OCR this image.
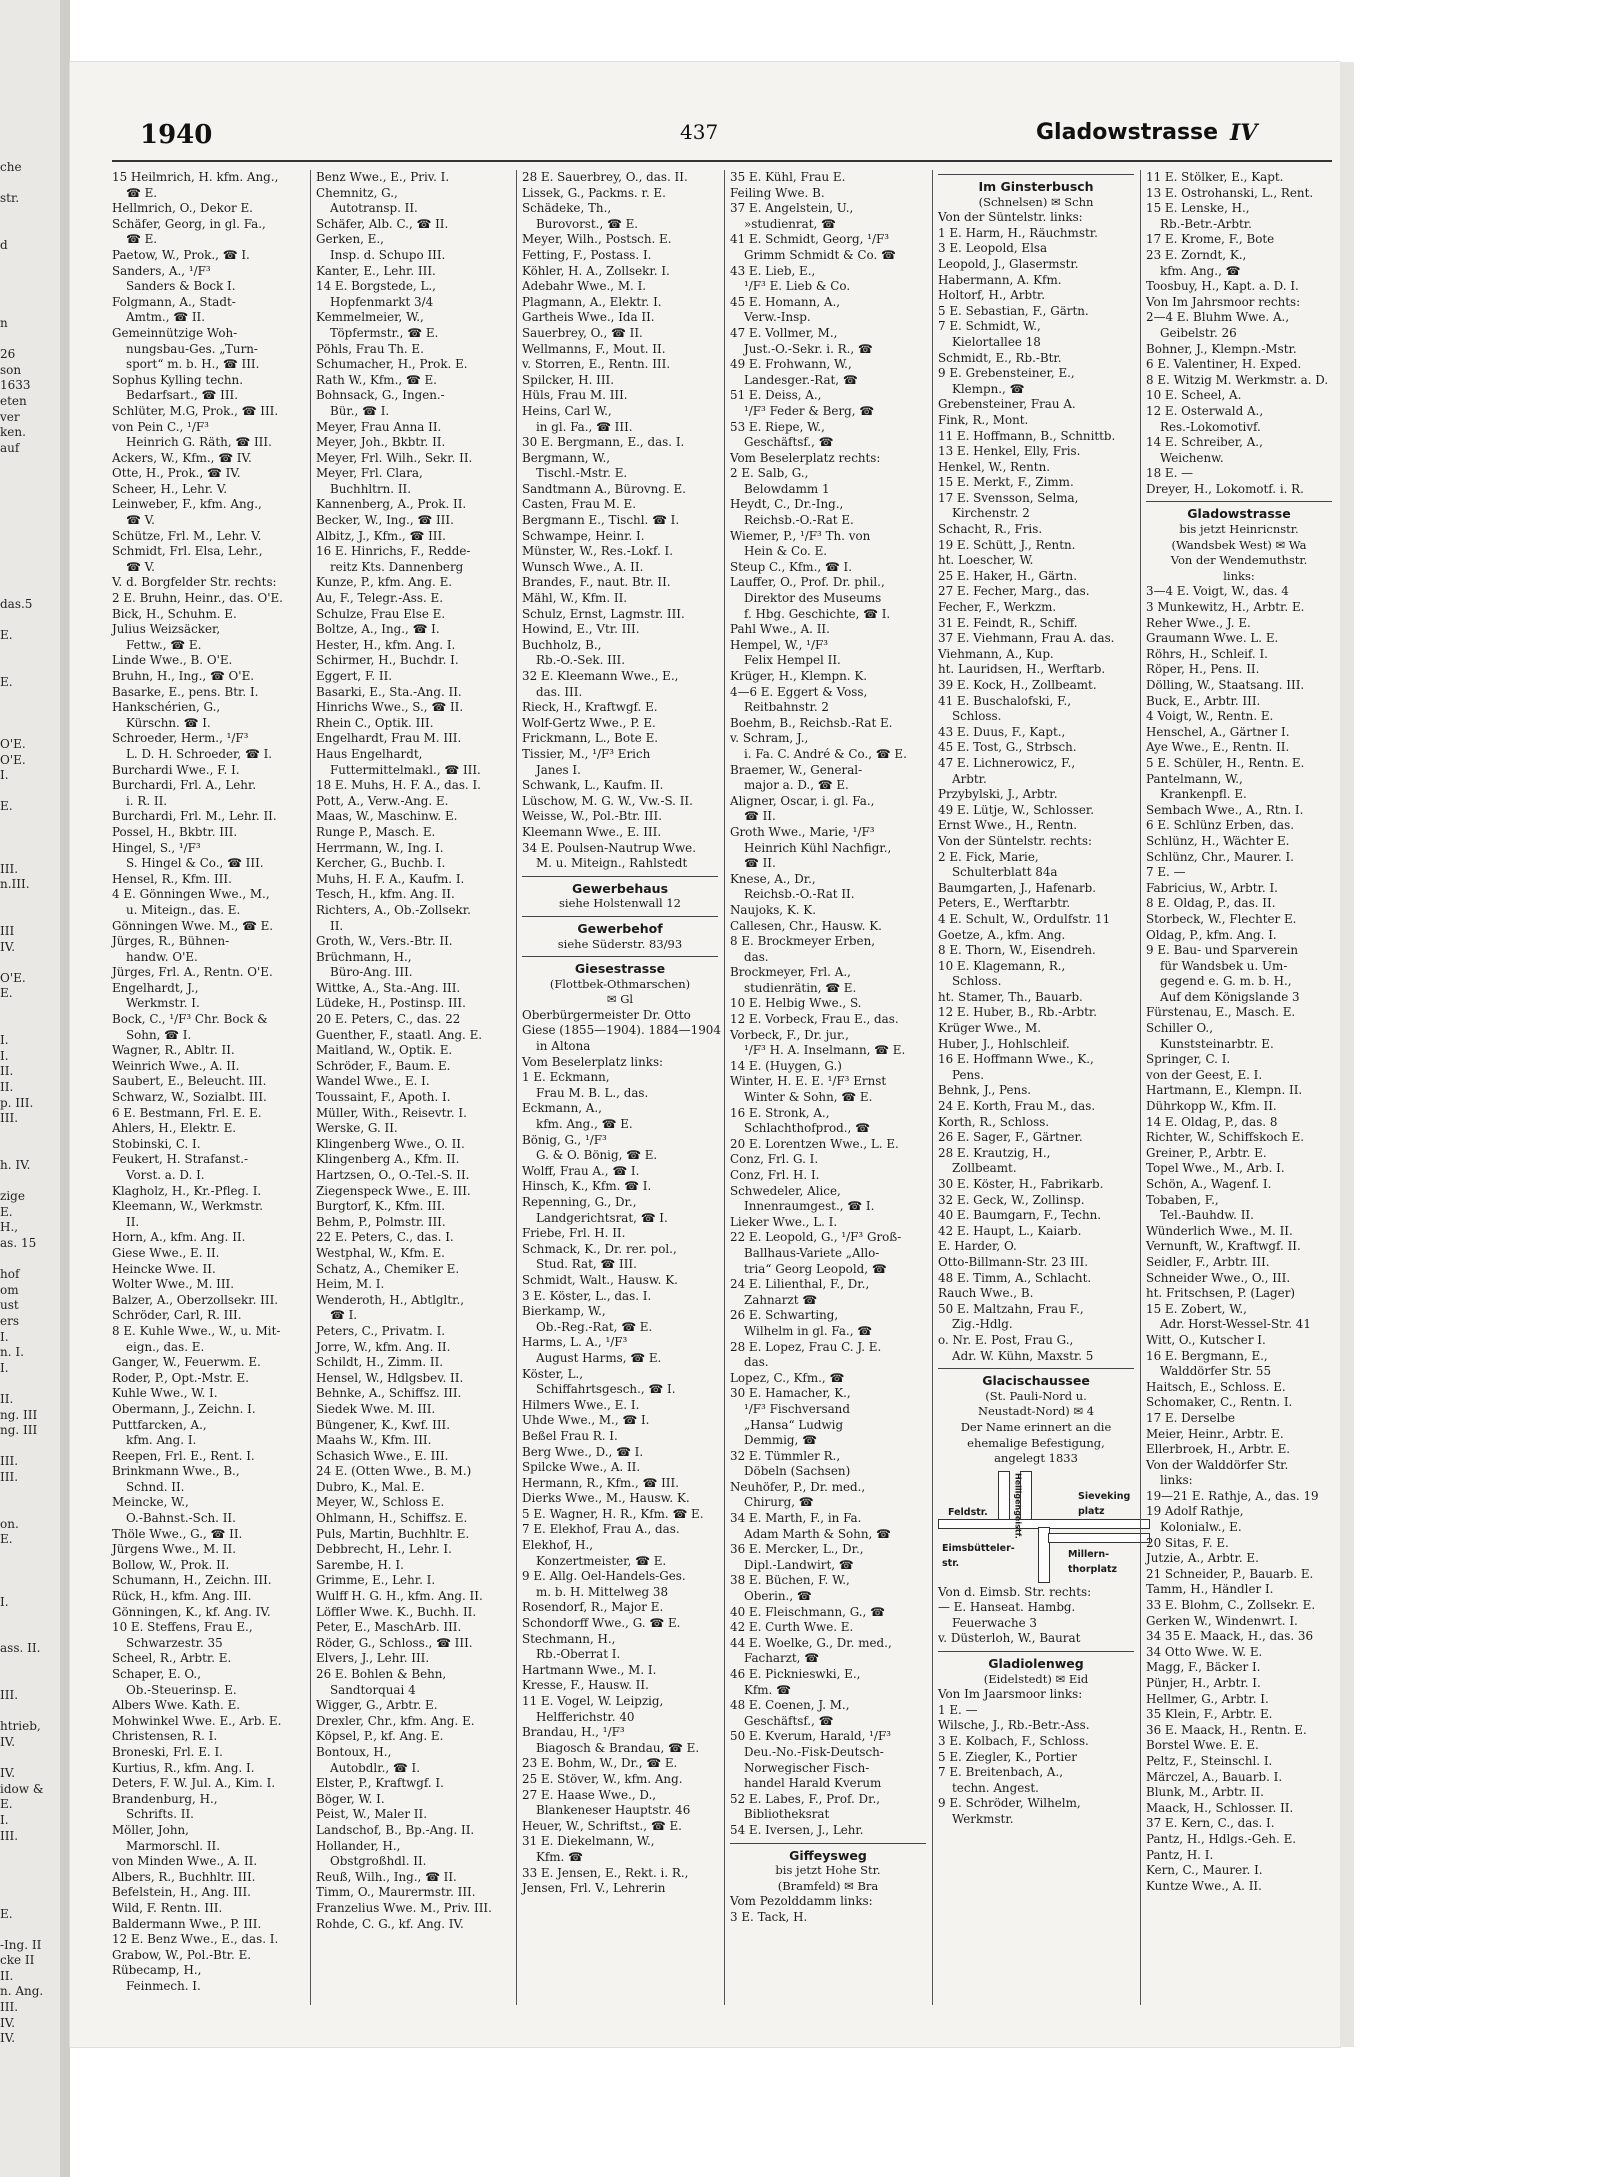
che

str.

d

n

26
son
1633
eten
ver
ken.
auf

das.5

E.

E.

O'E.
O'E.
I.

E.

III.
n.III.

III
IV.

O'E.
E.

I.
I.
II.
II.
p. III.
III.

h. IV.

zige
E.
H.,
as. 15

hof
om
ust
ers
I.
n. I.
I.

II.
ng. III
ng. III

III.
III.

on.
E.

I.

ass. II.

III.

htrieb,
IV.

IV.
idow &
E.
I.
III.

E.

-Ing. II
cke II
II.
n. Ang.
III.
IV.
IV.
1940	437	Gladowstrasse IV
15 Heilmrich, H. kfm. Ang.,
☎ E.
Hellmrich, O., Dekor E.
Schäfer, Georg, in gl. Fa.,
☎ E.
Paetow, W., Prok., ☎ I.
Sanders, A., ¹/F³
Sanders & Bock I.
Folgmann, A., Stadt-
Amtm., ☎ II.
Gemeinnützige Woh-
nungsbau-Ges. „Turn-
sport“ m. b. H., ☎ III.
Sophus Kylling techn.
Bedarfsart., ☎ III.
Schlüter, M.G, Prok., ☎ III.
von Pein C., ¹/F³
Heinrich G. Räth, ☎ III.
Ackers, W., Kfm., ☎ IV.
Otte, H., Prok., ☎ IV.
Scheer, H., Lehr. V.
Leinweber, F., kfm. Ang.,
☎ V.
Schütze, Frl. M., Lehr. V.
Schmidt, Frl. Elsa, Lehr.,
☎ V.
V. d. Borgfelder Str. rechts:
2 E. Bruhn, Heinr., das. O'E.
Bick, H., Schuhm. E.
Julius Weizsäcker,
Fettw., ☎ E.
Linde Wwe., B. O'E.
Bruhn, H., Ing., ☎ O'E.
Basarke, E., pens. Btr. I.
Hankschérien, G.,
Kürschn. ☎ I.
Schroeder, Herm., ¹/F³
L. D. H. Schroeder, ☎ I.
Burchardi Wwe., F. I.
Burchardi, Frl. A., Lehr.
i. R. II.
Burchardi, Frl. M., Lehr. II.
Possel, H., Bkbtr. III.
Hingel, S., ¹/F³
S. Hingel & Co., ☎ III.
Hensel, R., Kfm. III.
4 E. Gönningen Wwe., M.,
u. Miteign., das. E.
Gönningen Wwe. M., ☎ E.
Jürges, R., Bühnen-
handw. O'E.
Jürges, Frl. A., Rentn. O'E.
Engelhardt, J.,
Werkmstr. I.
Bock, C., ¹/F³ Chr. Bock &
Sohn, ☎ I.
Wagner, R., Abltr. II.
Weinrich Wwe., A. II.
Saubert, E., Beleucht. III.
Schwarz, W., Sozialbt. III.
6 E. Bestmann, Frl. E. E.
Ahlers, H., Elektr. E.
Stobinski, C. I.
Feukert, H. Strafanst.-
Vorst. a. D. I.
Klagholz, H., Kr.-Pfleg. I.
Kleemann, W., Werkmstr.
II.
Horn, A., kfm. Ang. II.
Giese Wwe., E. II.
Heincke Wwe. II.
Wolter Wwe., M. III.
Balzer, A., Oberzollsekr. III.
Schröder, Carl, R. III.
8 E. Kuhle Wwe., W., u. Mit-
eign., das. E.
Ganger, W., Feuerwm. E.
Roder, P., Opt.-Mstr. E.
Kuhle Wwe., W. I.
Obermann, J., Zeichn. I.
Puttfarcken, A.,
kfm. Ang. I.
Reepen, Frl. E., Rent. I.
Brinkmann Wwe., B.,
Schnd. II.
Meincke, W.,
O.-Bahnst.-Sch. II.
Thöle Wwe., G., ☎ II.
Jürgens Wwe., M. II.
Bollow, W., Prok. II.
Schumann, H., Zeichn. III.
Rück, H., kfm. Ang. III.
Gönningen, K., kf. Ang. IV.
10 E. Steffens, Frau E.,
Schwarzestr. 35
Scheel, R., Arbtr. E.
Schaper, E. O.,
Ob.-Steuerinsp. E.
Albers Wwe. Kath. E.
Mohwinkel Wwe. E., Arb. E.
Christensen, R. I.
Broneski, Frl. E. I.
Kurtius, R., kfm. Ang. I.
Deters, F. W. Jul. A., Kim. I.
Brandenburg, H.,
Schrifts. II.
Möller, John,
Marmorschl. II.
von Minden Wwe., A. II.
Albers, R., Buchhltr. III.
Befelstein, H., Ang. III.
Wild, F. Rentn. III.
Baldermann Wwe., P. III.
12 E. Benz Wwe., E., das. I.
Grabow, W., Pol.-Btr. E.
Rübecamp, H.,
Feinmech. I.
Benz Wwe., E., Priv. I.
Chemnitz, G.,
Autotransp. II.
Schäfer, Alb. C., ☎ II.
Gerken, E.,
Insp. d. Schupo III.
Kanter, E., Lehr. III.
14 E. Borgstede, L.,
Hopfenmarkt 3/4
Kemmelmeier, W.,
Töpfermstr., ☎ E.
Pöhls, Frau Th. E.
Schumacher, H., Prok. E.
Rath W., Kfm., ☎ E.
Bohnsack, G., Ingen.-
Bür., ☎ I.
Meyer, Frau Anna II.
Meyer, Joh., Bkbtr. II.
Meyer, Frl. Wilh., Sekr. II.
Meyer, Frl. Clara,
Buchhltrn. II.
Kannenberg, A., Prok. II.
Becker, W., Ing., ☎ III.
Albitz, J., Kfm., ☎ III.
16 E. Hinrichs, F., Redde-
reitz Kts. Dannenberg
Kunze, P., kfm. Ang. E.
Au, F., Telegr.-Ass. E.
Schulze, Frau Else E.
Boltze, A., Ing., ☎ I.
Hester, H., kfm. Ang. I.
Schirmer, H., Buchdr. I.
Eggert, F. II.
Basarki, E., Sta.-Ang. II.
Hinrichs Wwe., S., ☎ II.
Rhein C., Optik. III.
Engelhardt, Frau M. III.
Haus Engelhardt,
Futtermittelmakl., ☎ III.
18 E. Muhs, H. F. A., das. I.
Pott, A., Verw.-Ang. E.
Maas, W., Maschinw. E.
Runge P., Masch. E.
Herrmann, W., Ing. I.
Kercher, G., Buchb. I.
Muhs, H. F. A., Kaufm. I.
Tesch, H., kfm. Ang. II.
Richters, A., Ob.-Zollsekr.
II.
Groth, W., Vers.-Btr. II.
Brüchmann, H.,
Büro-Ang. III.
Wittke, A., Sta.-Ang. III.
Lüdeke, H., Postinsp. III.
20 E. Peters, C., das. 22
Guenther, F., staatl. Ang. E.
Maitland, W., Optik. E.
Schröder, F., Baum. E.
Wandel Wwe., E. I.
Toussaint, F., Apoth. I.
Müller, With., Reisevtr. I.
Werske, G. II.
Klingenberg Wwe., O. II.
Klingenberg A., Kfm. II.
Hartzsen, O., O.-Tel.-S. II.
Ziegenspeck Wwe., E. III.
Burgtorf, K., Kfm. III.
Behm, P., Polmstr. III.
22 E. Peters, C., das. I.
Westphal, W., Kfm. E.
Schatz, A., Chemiker E.
Heim, M. I.
Wenderoth, H., Abtlgltr.,
☎ I.
Peters, C., Privatm. I.
Jorre, W., kfm. Ang. II.
Schildt, H., Zimm. II.
Hensel, W., Hdlgsbev. II.
Behnke, A., Schiffsz. III.
Siedek Wwe. M. III.
Büngener, K., Kwf. III.
Maahs W., Kfm. III.
Schasich Wwe., E. III.
24 E. (Otten Wwe., B. M.)
Dubro, K., Mal. E.
Meyer, W., Schloss E.
Ohlmann, H., Schiffsz. E.
Puls, Martin, Buchhltr. E.
Debbrecht, H., Lehr. I.
Sarembe, H. I.
Grimme, E., Lehr. I.
Wulff H. G. H., kfm. Ang. II.
Löffler Wwe. K., Buchh. II.
Peter, E., MaschArb. III.
Röder, G., Schloss., ☎ III.
Elvers, J., Lehr. III.
26 E. Bohlen & Behn,
Sandtorquai 4
Wigger, G., Arbtr. E.
Drexler, Chr., kfm. Ang. E.
Köpsel, P., kf. Ang. E.
Bontoux, H.,
Autobdlr., ☎ I.
Elster, P., Kraftwgf. I.
Böger, W. I.
Peist, W., Maler II.
Landschof, B., Bp.-Ang. II.
Hollander, H.,
Obstgroßhdl. II.
Reuß, Wilh., Ing., ☎ II.
Timm, O., Maurermstr. III.
Franzelius Wwe. M., Priv. III.
Rohde, C. G., kf. Ang. IV.
28 E. Sauerbrey, O., das. II.
Lissek, G., Packms. r. E.
Schädeke, Th.,
Burovorst., ☎ E.
Meyer, Wilh., Postsch. E.
Fetting, F., Postass. I.
Köhler, H. A., Zollsekr. I.
Adebahr Wwe., M. I.
Plagmann, A., Elektr. I.
Gartheis Wwe., Ida II.
Sauerbrey, O., ☎ II.
Wellmanns, F., Mout. II.
v. Storren, E., Rentn. III.
Spilcker, H. III.
Hüls, Frau M. III.
Heins, Carl W.,
in gl. Fa., ☎ III.
30 E. Bergmann, E., das. I.
Bergmann, W.,
Tischl.-Mstr. E.
Sandtmann A., Bürovng. E.
Casten, Frau M. E.
Bergmann E., Tischl. ☎ I.
Schwampe, Heinr. I.
Münster, W., Res.-Lokf. I.
Wunsch Wwe., A. II.
Brandes, F., naut. Btr. II.
Mähl, W., Kfm. II.
Schulz, Ernst, Lagmstr. III.
Howind, E., Vtr. III.
Buchholz, B.,
Rb.-O.-Sek. III.
32 E. Kleemann Wwe., E.,
das. III.
Rieck, H., Kraftwgf. E.
Wolf-Gertz Wwe., P. E.
Frickmann, L., Bote E.
Tissier, M., ¹/F³ Erich
Janes I.
Schwank, L., Kaufm. II.
Lüschow, M. G. W., Vw.-S. II.
Weisse, W., Pol.-Btr. III.
Kleemann Wwe., E. III.
34 E. Poulsen-Nautrup Wwe.
M. u. Miteign., Rahlstedt
Gewerbehaus
siehe Holstenwall 12
Gewerbehof
siehe Süderstr. 83/93
Giesestrasse
(Flottbek-Othmarschen)
✉ Gl
Oberbürgermeister Dr. Otto
Giese (1855—1904). 1884—1904
in Altona
Vom Beselerplatz links:
1 E. Eckmann,
Frau M. B. L., das.
Eckmann, A.,
kfm. Ang., ☎ E.
Bönig, G., ¹/F³
G. & O. Bönig, ☎ E.
Wolff, Frau A., ☎ I.
Hinsch, K., Kfm. ☎ I.
Repenning, G., Dr.,
Landgerichtsrat, ☎ I.
Friebe, Frl. H. II.
Schmack, K., Dr. rer. pol.,
Stud. Rat, ☎ III.
Schmidt, Walt., Hausw. K.
3 E. Köster, L., das. I.
Bierkamp, W.,
Ob.-Reg.-Rat, ☎ E.
Harms, L. A., ¹/F³
August Harms, ☎ E.
Köster, L.,
Schiffahrtsgesch., ☎ I.
Hilmers Wwe., E. I.
Uhde Wwe., M., ☎ I.
Beßel Frau R. I.
Berg Wwe., D., ☎ I.
Spilcke Wwe., A. II.
Hermann, R., Kfm., ☎ III.
Dierks Wwe., M., Hausw. K.
5 E. Wagner, H. R., Kfm. ☎ E.
7 E. Elekhof, Frau A., das.
Elekhof, H.,
Konzertmeister, ☎ E.
9 E. Allg. Oel-Handels-Ges.
m. b. H. Mittelweg 38
Rosendorf, R., Major E.
Schondorff Wwe., G. ☎ E.
Stechmann, H.,
Rb.-Oberrat I.
Hartmann Wwe., M. I.
Kresse, F., Hausw. II.
11 E. Vogel, W. Leipzig,
Helfferichstr. 40
Brandau, H., ¹/F³
Biagosch & Brandau, ☎ E.
23 E. Bohm, W., Dr., ☎ E.
25 E. Stöver, W., kfm. Ang.
27 E. Haase Wwe., D.,
Blankeneser Hauptstr. 46
Heuer, W., Schriftst., ☎ E.
31 E. Diekelmann, W.,
Kfm. ☎
33 E. Jensen, E., Rekt. i. R.,
Jensen, Frl. V., Lehrerin
35 E. Kühl, Frau E.
Feiling Wwe. B.
37 E. Angelstein, U.,
»studienrat, ☎
41 E. Schmidt, Georg, ¹/F³
Grimm Schmidt & Co. ☎
43 E. Lieb, E.,
¹/F³ E. Lieb & Co.
45 E. Homann, A.,
Verw.-Insp.
47 E. Vollmer, M.,
Just.-O.-Sekr. i. R., ☎
49 E. Frohwann, W.,
Landesger.-Rat, ☎
51 E. Deiss, A.,
¹/F³ Feder & Berg, ☎
53 E. Riepe, W.,
Geschäftsf., ☎
Vom Beselerplatz rechts:
2 E. Salb, G.,
Belowdamm 1
Heydt, C., Dr.-Ing.,
Reichsb.-O.-Rat E.
Wiemer, P., ¹/F³ Th. von
Hein & Co. E.
Steup C., Kfm., ☎ I.
Lauffer, O., Prof. Dr. phil.,
Direktor des Museums
f. Hbg. Geschichte, ☎ I.
Pahl Wwe., A. II.
Hempel, W., ¹/F³
Felix Hempel II.
Krüger, H., Klempn. K.
4—6 E. Eggert & Voss,
Reitbahnstr. 2
Boehm, B., Reichsb.-Rat E.
v. Schram, J.,
i. Fa. C. André & Co., ☎ E.
Braemer, W., General-
major a. D., ☎ E.
Aligner, Oscar, i. gl. Fa.,
☎ II.
Groth Wwe., Marie, ¹/F³
Heinrich Kühl Nachfigr.,
☎ II.
Knese, A., Dr.,
Reichsb.-O.-Rat II.
Naujoks, K. K.
Callesen, Chr., Hausw. K.
8 E. Brockmeyer Erben,
das.
Brockmeyer, Frl. A.,
studienrätin, ☎ E.
10 E. Helbig Wwe., S.
12 E. Vorbeck, Frau E., das.
Vorbeck, F., Dr. jur.,
¹/F³ H. A. Inselmann, ☎ E.
14 E. (Huygen, G.)
Winter, H. E. E. ¹/F³ Ernst
Winter & Sohn, ☎ E.
16 E. Stronk, A.,
Schlachthofprod., ☎
20 E. Lorentzen Wwe., L. E.
Conz, Frl. G. I.
Conz, Frl. H. I.
Schwedeler, Alice,
Innenraumgest., ☎ I.
Lieker Wwe., L. I.
22 E. Leopold, G., ¹/F³ Groß-
Ballhaus-Variete „Allo-
tria“ Georg Leopold, ☎
24 E. Lilienthal, F., Dr.,
Zahnarzt ☎
26 E. Schwarting,
Wilhelm in gl. Fa., ☎
28 E. Lopez, Frau C. J. E.
das.
Lopez, C., Kfm., ☎
30 E. Hamacher, K.,
¹/F³ Fischversand
„Hansa“ Ludwig
Demmig, ☎
32 E. Tümmler R.,
Döbeln (Sachsen)
Neuhöfer, P., Dr. med.,
Chirurg, ☎
34 E. Marth, F., in Fa.
Adam Marth & Sohn, ☎
36 E. Mercker, L., Dr.,
Dipl.-Landwirt, ☎
38 E. Büchen, F. W.,
Oberin., ☎
40 E. Fleischmann, G., ☎
42 E. Curth Wwe. E.
44 E. Woelke, G., Dr. med.,
Facharzt, ☎
46 E. Picknieswki, E.,
Kfm. ☎
48 E. Coenen, J. M.,
Geschäftsf., ☎
50 E. Kverum, Harald, ¹/F³
Deu.-No.-Fisk-Deutsch-
Norwegischer Fisch-
handel Harald Kverum
52 E. Labes, F., Prof. Dr.,
Bibliotheksrat
54 E. Iversen, J., Lehr.
Giffeysweg
bis jetzt Hohe Str.
(Bramfeld) ✉ Bra
Vom Pezolddamm links:
3 E. Tack, H.
Im Ginsterbusch
(Schnelsen) ✉ Schn
Von der Süntelstr. links:
1 E. Harm, H., Räuchmstr.
3 E. Leopold, Elsa
Leopold, J., Glasermstr.
Habermann, A. Kfm.
Holtorf, H., Arbtr.
5 E. Sebastian, F., Gärtn.
7 E. Schmidt, W.,
Kielortallee 18
Schmidt, E., Rb.-Btr.
9 E. Grebensteiner, E.,
Klempn., ☎
Grebensteiner, Frau A.
Fink, R., Mont.
11 E. Hoffmann, B., Schnittb.
13 E. Henkel, Elly, Fris.
Henkel, W., Rentn.
15 E. Merkt, F., Zimm.
17 E. Svensson, Selma,
Kirchenstr. 2
Schacht, R., Fris.
19 E. Schütt, J., Rentn.
ht. Loescher, W.
25 E. Haker, H., Gärtn.
27 E. Fecher, Marg., das.
Fecher, F., Werkzm.
31 E. Feindt, R., Schiff.
37 E. Viehmann, Frau A. das.
Viehmann, A., Kup.
ht. Lauridsen, H., Werftarb.
39 E. Kock, H., Zollbeamt.
41 E. Buschalofski, F.,
Schloss.
43 E. Duus, F., Kapt.,
45 E. Tost, G., Strbsch.
47 E. Lichnerowicz, F.,
Arbtr.
Przybylski, J., Arbtr.
49 E. Lütje, W., Schlosser.
Ernst Wwe., H., Rentn.
Von der Süntelstr. rechts:
2 E. Fick, Marie,
Schulterblatt 84a
Baumgarten, J., Hafenarb.
Peters, E., Werftarbtr.
4 E. Schult, W., Ordulfstr. 11
Goetze, A., kfm. Ang.
8 E. Thorn, W., Eisendreh.
10 E. Klagemann, R.,
Schloss.
ht. Stamer, Th., Bauarb.
12 E. Huber, B., Rb.-Arbtr.
Krüger Wwe., M.
Huber, J., Hohlschleif.
16 E. Hoffmann Wwe., K.,
Pens.
Behnk, J., Pens.
24 E. Korth, Frau M., das.
Korth, R., Schloss.
26 E. Sager, F., Gärtner.
28 E. Krautzig, H.,
Zollbeamt.
30 E. Köster, H., Fabrikarb.
32 E. Geck, W., Zollinsp.
40 E. Baumgarn, F., Techn.
42 E. Haupt, L., Kaiarb.
E. Harder, O.
Otto-Billmann-Str. 23 III.
48 E. Timm, A., Schlacht.
Rauch Wwe., B.
50 E. Maltzahn, Frau F.,
Zig.-Hdlg.
o. Nr. E. Post, Frau G.,
Adr. W. Kühn, Maxstr. 5
Glacischaussee
(St. Pauli-Nord u.
Neustadt-Nord) ✉ 4
Der Name erinnert an die
ehemalige Befestigung,
angelegt 1833
Feldstr.
Sieveking platz
Eimsbütteler-str.
Millern-thorplatz
Heiligengeistf.
Von d. Eimsb. Str. rechts:
— E. Hanseat. Hambg.
Feuerwache 3
v. Düsterloh, W., Baurat
Gladiolenweg
(Eidelstedt) ✉ Eid
Von Im Jaarsmoor links:
1 E. —
Wilsche, J., Rb.-Betr.-Ass.
3 E. Kolbach, F., Schloss.
5 E. Ziegler, K., Portier
7 E. Breitenbach, A.,
techn. Angest.
9 E. Schröder, Wilhelm,
Werkmstr.
11 E. Stölker, E., Kapt.
13 E. Ostrohanski, L., Rent.
15 E. Lenske, H.,
Rb.-Betr.-Arbtr.
17 E. Krome, F., Bote
23 E. Zorndt, K.,
kfm. Ang., ☎
Toosbuy, H., Kapt. a. D. I.
Von Im Jahrsmoor rechts:
2—4 E. Bluhm Wwe. A.,
Geibelstr. 26
Bohner, J., Klempn.-Mstr.
6 E. Valentiner, H. Exped.
8 E. Witzig M. Werkmstr. a. D.
10 E. Scheel, A.
12 E. Osterwald A.,
Res.-Lokomotivf.
14 E. Schreiber, A.,
Weichenw.
18 E. —
Dreyer, H., Lokomotf. i. R.
Gladowstrasse
bis jetzt Heinricnstr.
(Wandsbek West) ✉ Wa
Von der Wendemuthstr.
links:
3—4 E. Voigt, W., das. 4
3 Munkewitz, H., Arbtr. E.
Reher Wwe., J. E.
Graumann Wwe. L. E.
Röhrs, H., Schleif. I.
Röper, H., Pens. II.
Dölling, W., Staatsang. III.
Buck, E., Arbtr. III.
4 Voigt, W., Rentn. E.
Henschel, A., Gärtner I.
Aye Wwe., E., Rentn. II.
5 E. Schüler, H., Rentn. E.
Pantelmann, W.,
Krankenpfl. E.
Sembach Wwe., A., Rtn. I.
6 E. Schlünz Erben, das.
Schlünz, H., Wächter E.
Schlünz, Chr., Maurer. I.
7 E. —
Fabricius, W., Arbtr. I.
8 E. Oldag, P., das. II.
Storbeck, W., Flechter E.
Oldag, P., kfm. Ang. I.
9 E. Bau- und Sparverein
für Wandsbek u. Um-
gegend e. G. m. b. H.,
Auf dem Königslande 3
Fürstenau, E., Masch. E.
Schiller O.,
Kunststeinarbtr. E.
Springer, C. I.
von der Geest, E. I.
Hartmann, E., Klempn. II.
Dührkopp W., Kfm. II.
14 E. Oldag, P., das. 8
Richter, W., Schiffskoch E.
Greiner, P., Arbtr. E.
Topel Wwe., M., Arb. I.
Schön, A., Wagenf. I.
Tobaben, F.,
Tel.-Bauhdw. II.
Wünderlich Wwe., M. II.
Vernunft, W., Kraftwgf. II.
Seidler, F., Arbtr. III.
Schneider Wwe., O., III.
ht. Fritschsen, P. (Lager)
15 E. Zobert, W.,
Adr. Horst-Wessel-Str. 41
Witt, O., Kutscher I.
16 E. Bergmann, E.,
Walddörfer Str. 55
Haitsch, E., Schloss. E.
Schomaker, C., Rentn. I.
17 E. Derselbe
Meier, Heinr., Arbtr. E.
Ellerbroek, H., Arbtr. E.
Von der Walddörfer Str.
links:
19—21 E. Rathje, A., das. 19
19 Adolf Rathje,
Kolonialw., E.
20 Sitas, F. E.
Jutzie, A., Arbtr. E.
21 Schneider, P., Bauarb. E.
Tamm, H., Händler I.
33 E. Blohm, C., Zollsekr. E.
Gerken W., Windenwrt. I.
34 35 E. Maack, H., das. 36
34 Otto Wwe. W. E.
Magg, F., Bäcker I.
Pünjer, H., Arbtr. I.
Hellmer, G., Arbtr. I.
35 Klein, F., Arbtr. E.
36 E. Maack, H., Rentn. E.
Borstel Wwe. E. E.
Peltz, F., Steinschl. I.
Märczel, A., Bauarb. I.
Blunk, M., Arbtr. II.
Maack, H., Schlosser. II.
37 E. Kern, C., das. I.
Pantz, H., Hdlgs.-Geh. E.
Pantz, H. I.
Kern, C., Maurer. I.
Kuntze Wwe., A. II.
